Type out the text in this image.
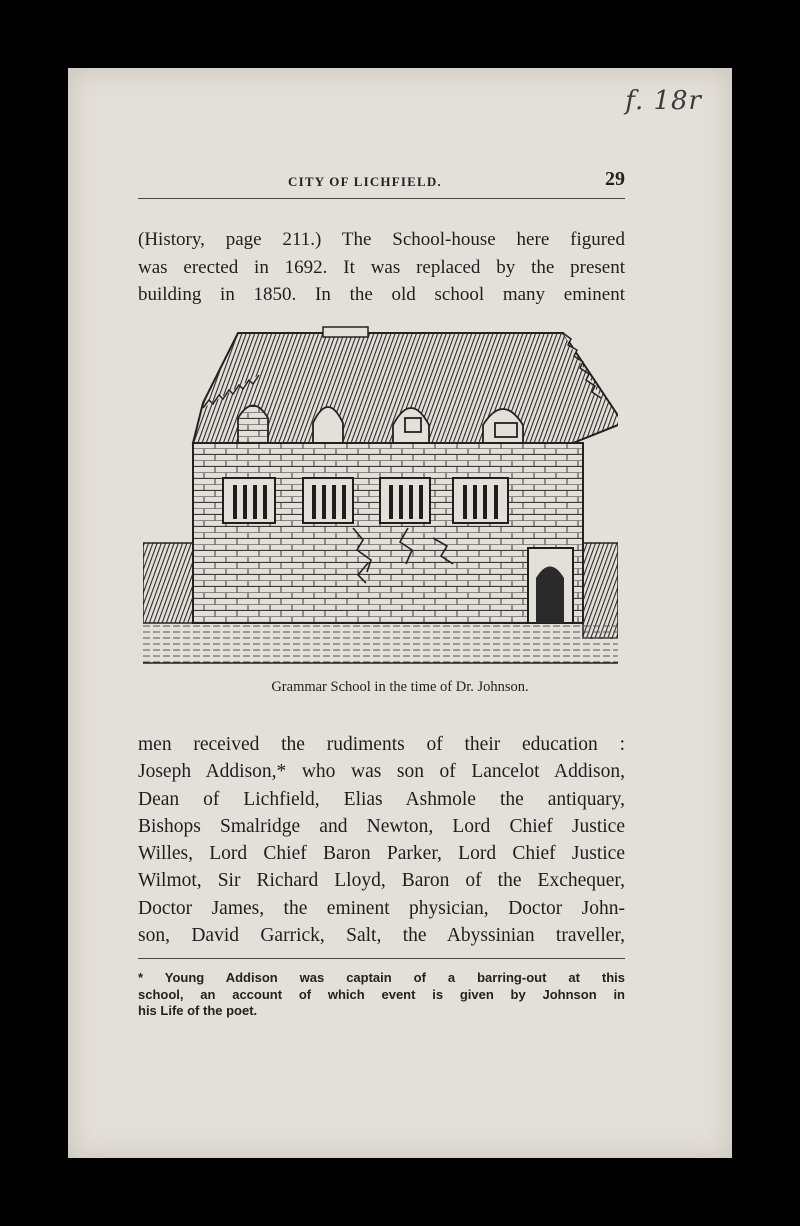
f. 18r
CITY OF LICHFIELD.	29
(History, page 211.) The School-house here figured
was erected in 1692. It was replaced by the present
building in 1850. In the old school many eminent
Grammar School in the time of Dr. Johnson.
men received the rudiments of their education :
Joseph Addison,* who was son of Lancelot Addison,
Dean of Lichfield, Elias Ashmole the antiquary,
Bishops Smalridge and Newton, Lord Chief Justice
Willes, Lord Chief Baron Parker, Lord Chief Justice
Wilmot, Sir Richard Lloyd, Baron of the Exchequer,
Doctor James, the eminent physician, Doctor John-
son, David Garrick, Salt, the Abyssinian traveller,
* Young Addison was captain of a barring-out at this
school, an account of which event is given by Johnson in
his Life of the poet.
